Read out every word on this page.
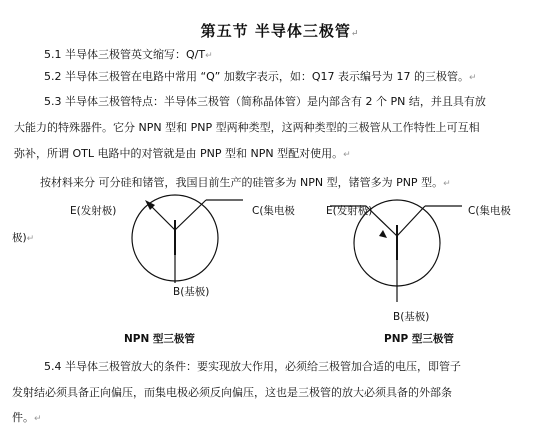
第五节 半导体三极管↵
5.1 半导体三极管英文缩写：Q/T↵
5.2 半导体三极管在电路中常用 “Q” 加数字表示，如：Q17 表示编号为 17 的三极管。↵
5.3 半导体三极管特点：半导体三极管（简称晶体管）是内部含有 2 个 PN 结，并且具有放
大能力的特殊器件。它分 NPN 型和 PNP 型两种类型，这两种类型的三极管从工作特性上可互相
弥补，所谓 OTL 电路中的对管就是由 PNP 型和 NPN 型配对使用。↵
按材料来分 可分硅和锗管，我国目前生产的硅管多为 NPN 型，锗管多为 PNP 型。↵
E(发射极)	C(集电极
极)↵
B(基极)
E(发射极)	C(集电极
B(基极)
NPN 型三极管	PNP 型三极管
5.4 半导体三极管放大的条件：要实现放大作用，必须给三极管加合适的电压，即管子
发射结必须具备正向偏压，而集电极必须反向偏压，这也是三极管的放大必须具备的外部条
件。↵
